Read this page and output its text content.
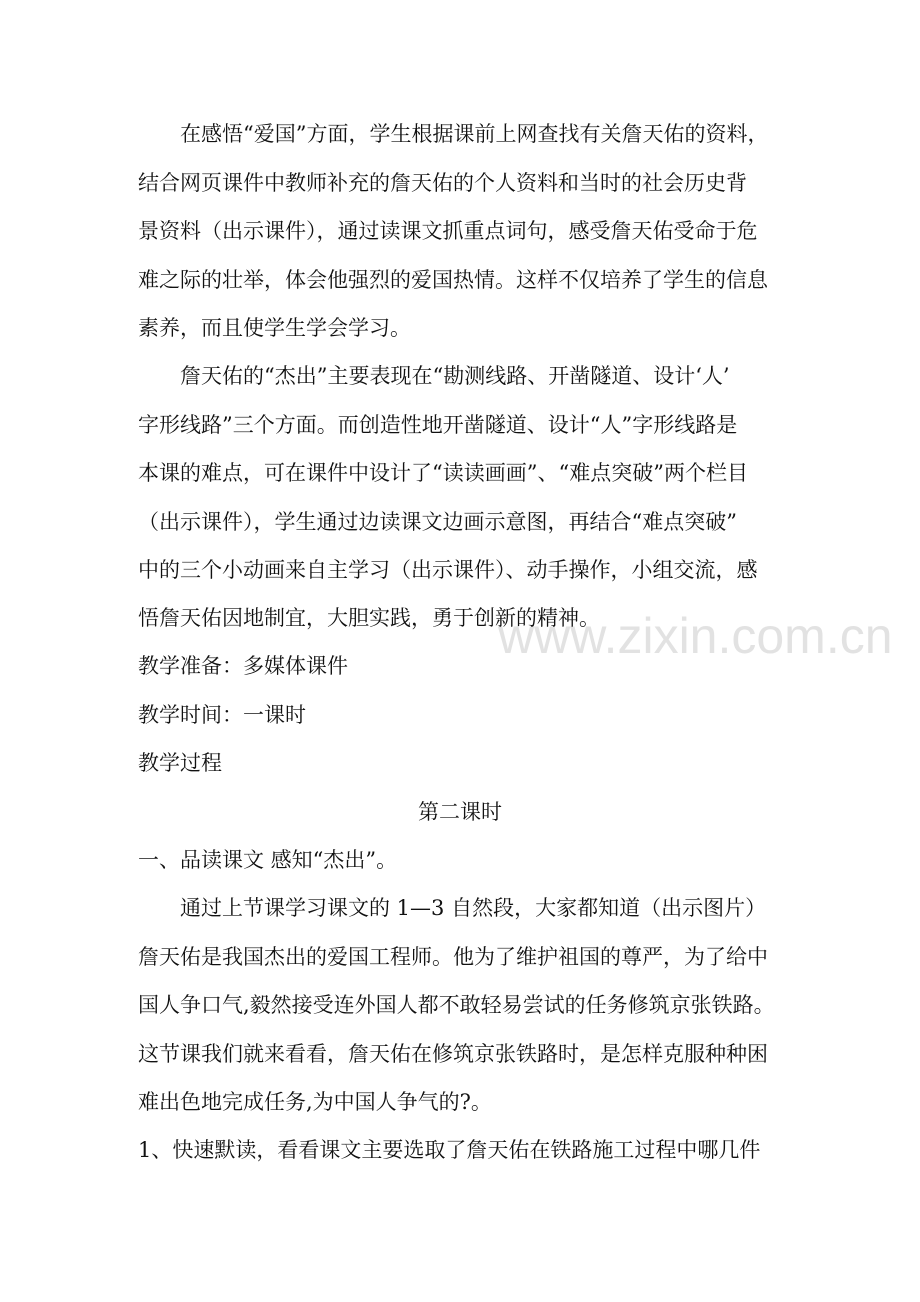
在感悟“爱国”方面，学生根据课前上网查找有关詹天佑的资料，
结合网页课件中教师补充的詹天佑的个人资料和当时的社会历史背
景资料（出示课件），通过读课文抓重点词句，感受詹天佑受命于危
难之际的壮举，体会他强烈的爱国热情。这样不仅培养了学生的信息
素养，而且使学生学会学习。
詹天佑的“杰出”主要表现在“勘测线路、开凿隧道、设计‘人’
字形线路”三个方面。而创造性地开凿隧道、设计“人”字形线路是
本课的难点，可在课件中设计了“读读画画”、“难点突破”两个栏目
（出示课件），学生通过边读课文边画示意图，再结合“难点突破”
中的三个小动画来自主学习（出示课件）、动手操作，小组交流，感
悟詹天佑因地制宜，大胆实践，勇于创新的精神。
www.zixin.com.cn
教学准备：多媒体课件
教学时间：一课时
教学过程
第二课时
一、品读课文 感知“杰出”。
通过上节课学习课文的 1—3 自然段，大家都知道（出示图片）
詹天佑是我国杰出的爱国工程师。他为了维护祖国的尊严，为了给中
国人争口气,毅然接受连外国人都不敢轻易尝试的任务修筑京张铁路。
这节课我们就来看看，詹天佑在修筑京张铁路时，是怎样克服种种困
难出色地完成任务,为中国人争气的?。
1、快速默读，看看课文主要选取了詹天佑在铁路施工过程中哪几件
